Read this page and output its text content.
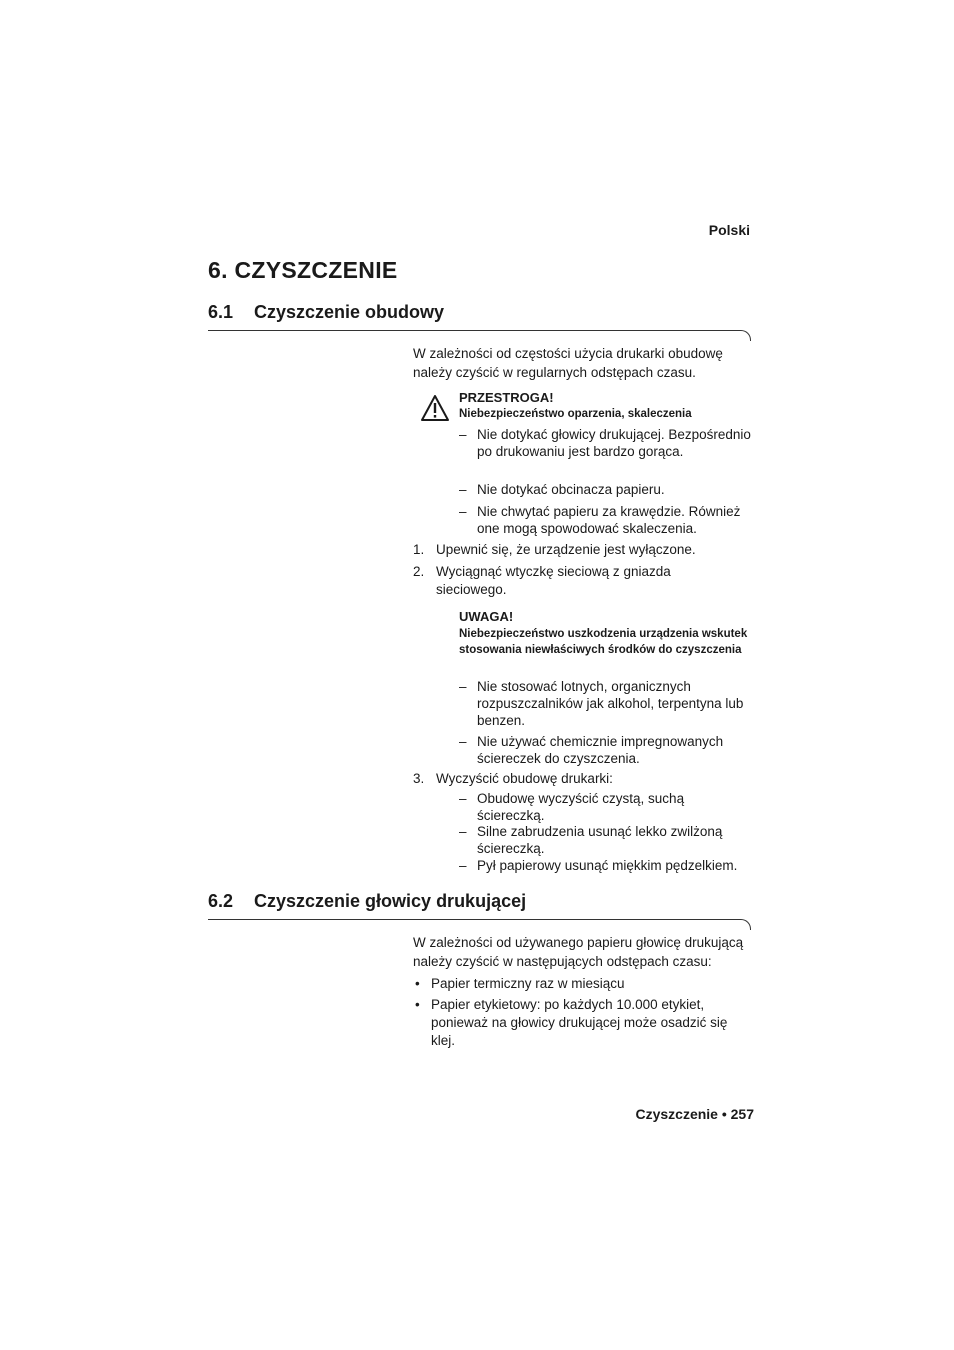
Polski
6. CZYSZCZENIE
6.1 Czyszczenie obudowy
W zależności od częstości użycia drukarki obudowę należy czyścić w regularnych odstępach czasu.
PRZESTROGA!
Niebezpieczeństwo oparzenia, skaleczenia
– Nie dotykać głowicy drukującej. Bezpośrednio po drukowaniu jest bardzo gorąca.
– Nie dotykać obcinacza papieru.
– Nie chwytać papieru za krawędzie. Również one mogą spowodować skaleczenia.
1. Upewnić się, że urządzenie jest wyłączone.
2. Wyciągnąć wtyczkę sieciową z gniazda sieciowego.
UWAGA!
Niebezpieczeństwo uszkodzenia urządzenia wskutek stosowania niewłaściwych środków do czyszczenia
– Nie stosować lotnych, organicznych rozpuszczalników jak alkohol, terpentyna lub benzen.
– Nie używać chemicznie impregnowanych ściereczek do czyszczenia.
3. Wyczyścić obudowę drukarki:
– Obudowę wyczyścić czystą, suchą ściereczką.
– Silne zabrudzenia usunąć lekko zwilżoną ściereczką.
– Pył papierowy usunąć miękkim pędzelkiem.
6.2 Czyszczenie głowicy drukującej
W zależności od używanego papieru głowicę drukującą należy czyścić w następujących odstępach czasu:
• Papier termiczny raz w miesiącu
• Papier etykietowy: po każdych 10.000 etykiet, ponieważ na głowicy drukującej może osadzić się klej.
Czyszczenie • 257
